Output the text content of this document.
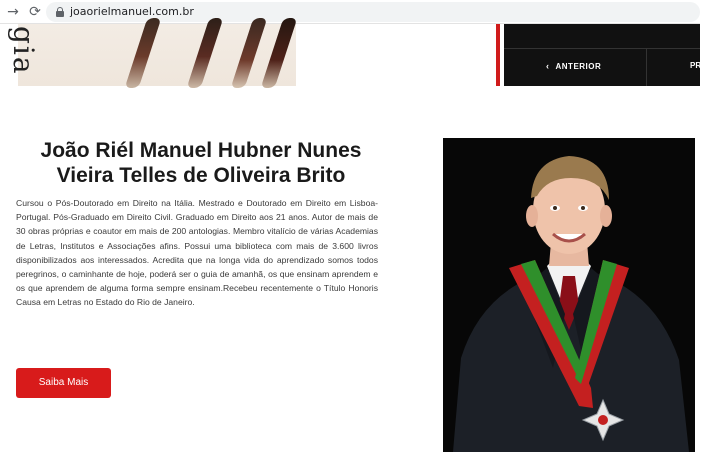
→ ⟳	joaorielmanuel.com.br
gia	‹ ANTERIOR	PR
João Riél Manuel Hubner Nunes Vieira Telles de Oliveira Brito

Cursou o Pós-Doutorado em Direito na Itália. Mestrado e Doutorado em Direito em Lisboa-Portugal. Pós-Graduado em Direito Civil. Graduado em Direito aos 21 anos. Autor de mais de 30 obras próprias e coautor em mais de 200 antologias. Membro vitalício de várias Academias de Letras, Institutos e Associações afins. Possui uma biblioteca com mais de 3.600 livros disponibilizados aos interessados. Acredita que na longa vida do aprendizado somos todos peregrinos, o caminhante de hoje, poderá ser o guia de amanhã, os que ensinam aprendem e os que aprendem de alguma forma sempre ensinam.Recebeu recentemente o Título Honoris Causa em Letras no Estado do Rio de Janeiro.

Saiba Mais
